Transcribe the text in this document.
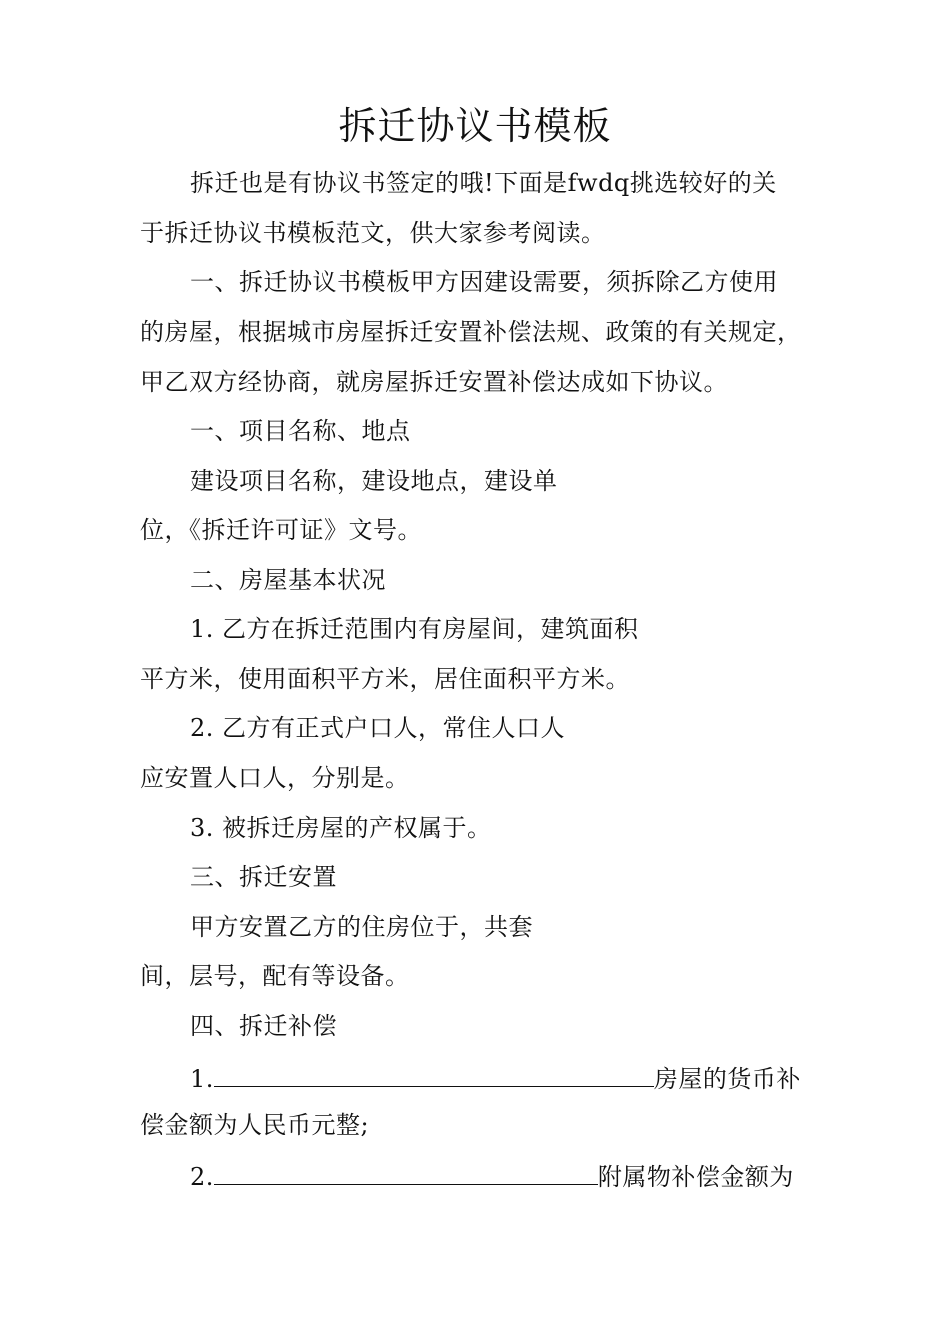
拆迁协议书模板
拆迁也是有协议书签定的哦!下面是fwdq挑选较好的关
于拆迁协议书模板范文，供大家参考阅读。
一、拆迁协议书模板甲方因建设需要，须拆除乙方使用
的房屋，根据城市房屋拆迁安置补偿法规、政策的有关规定，
甲乙双方经协商，就房屋拆迁安置补偿达成如下协议。
一、项目名称、地点
建设项目名称，建设地点，建设单
位，《拆迁许可证》文号。
二、房屋基本状况
1. 乙方在拆迁范围内有房屋间，建筑面积
平方米，使用面积平方米，居住面积平方米。
2. 乙方有正式户口人，常住人口人
应安置人口人，分别是。
3. 被拆迁房屋的产权属于。
三、拆迁安置
甲方安置乙方的住房位于，共套
间，层号，配有等设备。
四、拆迁补偿
1.	房屋的货币补
偿金额为人民币元整;
2.	附属物补偿金额为
